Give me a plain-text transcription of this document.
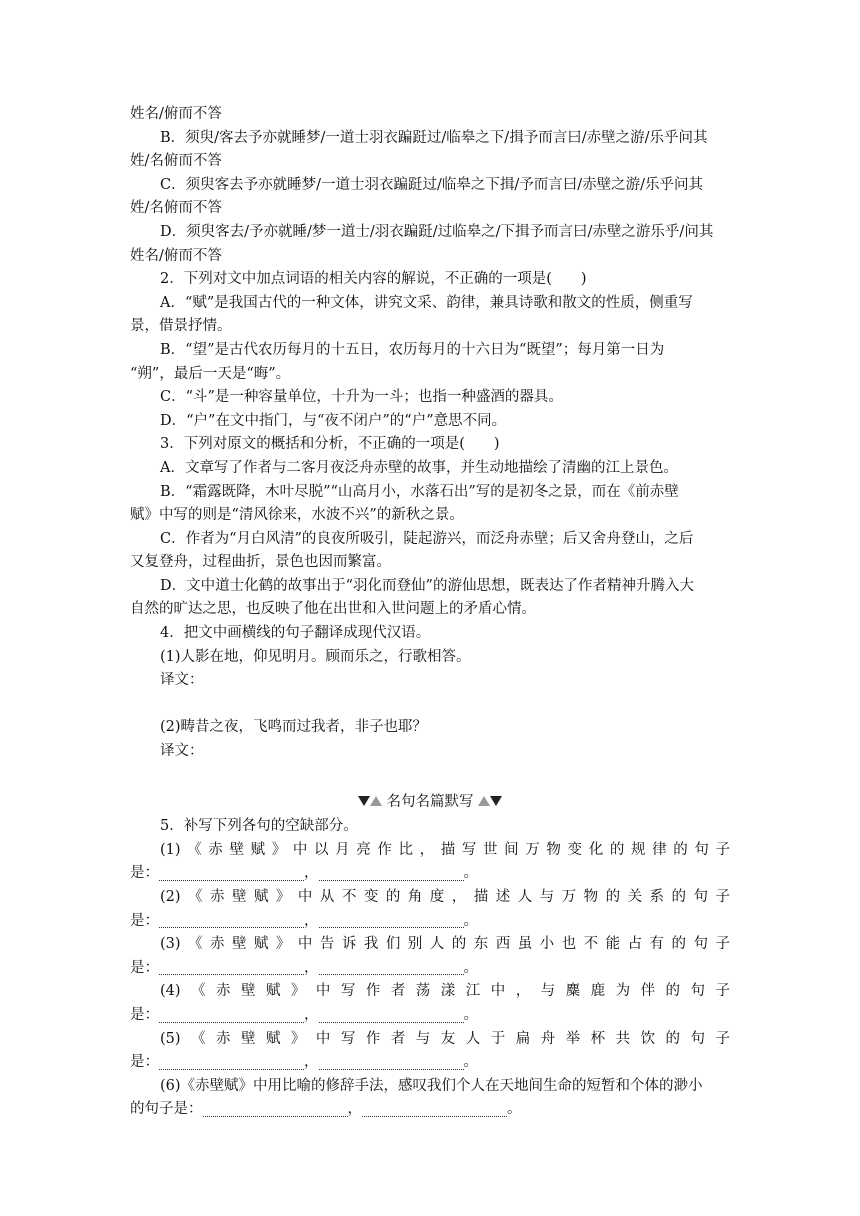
姓名/俯而不答
B．须臾/客去予亦就睡梦/一道士羽衣蹁跹过/临皋之下/揖予而言曰/赤壁之游/乐乎问其
姓/名俯而不答
C．须臾客去予亦就睡梦/一道士羽衣蹁跹过/临皋之下揖/予而言曰/赤壁之游/乐乎问其
姓/名俯而不答
D．须臾客去/予亦就睡/梦一道士/羽衣蹁跹/过临皋之/下揖予而言曰/赤壁之游乐乎/问其
姓名/俯而不答
2．下列对文中加点词语的相关内容的解说，不正确的一项是(　　)
A．“赋”是我国古代的一种文体，讲究文采、韵律，兼具诗歌和散文的性质，侧重写
景，借景抒情。
B．“望”是古代农历每月的十五日，农历每月的十六日为“既望”；每月第一日为
“朔”，最后一天是“晦”。
C．“斗”是一种容量单位，十升为一斗；也指一种盛酒的器具。
D．“户”在文中指门，与“夜不闭户”的“户”意思不同。
3．下列对原文的概括和分析，不正确的一项是(　　)
A．文章写了作者与二客月夜泛舟赤壁的故事，并生动地描绘了清幽的江上景色。
B．“霜露既降，木叶尽脱”“山高月小，水落石出”写的是初冬之景，而在《前赤壁
赋》中写的则是“清风徐来，水波不兴”的新秋之景。
C．作者为“月白风清”的良夜所吸引，陡起游兴，而泛舟赤壁；后又舍舟登山，之后
又复登舟，过程曲折，景色也因而繁富。
D．文中道士化鹤的故事出于“羽化而登仙”的游仙思想，既表达了作者精神升腾入大
自然的旷达之思，也反映了他在出世和入世问题上的矛盾心情。
4．把文中画横线的句子翻译成现代汉语。
(1)人影在地，仰见明月。顾而乐之，行歌相答。
译文：
(2)畴昔之夜，飞鸣而过我者，非子也耶？
译文：
名句名篇默写
5．补写下列各句的空缺部分。
(1)《赤壁赋》中以月亮作比，描写世间万物变化的规律的句子
是：	，	。
(2)《赤壁赋》中从不变的角度，描述人与万物的关系的句子
是：	，	。
(3)《赤壁赋》中告诉我们别人的东西虽小也不能占有的句子
是：	，	。
(4)《赤壁赋》中写作者荡漾江中，与麋鹿为伴的句子
是：	，	。
(5)《赤壁赋》中写作者与友人于扁舟举杯共饮的句子
是：	，	。
(6)《赤壁赋》中用比喻的修辞手法，感叹我们个人在天地间生命的短暂和个体的渺小
的句子是：	，	。
